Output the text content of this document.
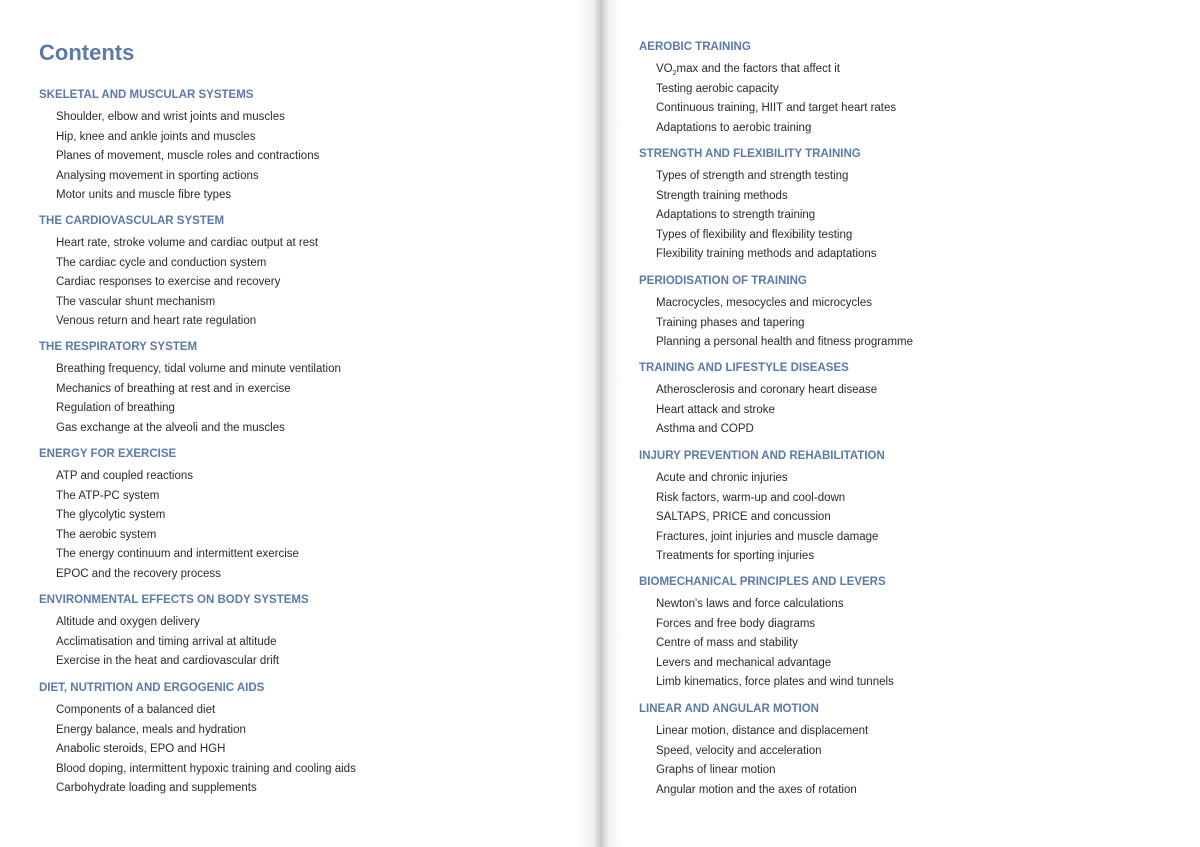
Contents
SKELETAL AND MUSCULAR SYSTEMS
Shoulder, elbow and wrist joints and muscles
Hip, knee and ankle joints and muscles
Planes of movement, muscle roles and contractions
Analysing movement in sporting actions
Motor units and muscle fibre types
THE CARDIOVASCULAR SYSTEM
Heart rate, stroke volume and cardiac output at rest
The cardiac cycle and conduction system
Cardiac responses to exercise and recovery
The vascular shunt mechanism
Venous return and heart rate regulation
THE RESPIRATORY SYSTEM
Breathing frequency, tidal volume and minute ventilation
Mechanics of breathing at rest and in exercise
Regulation of breathing
Gas exchange at the alveoli and the muscles
ENERGY FOR EXERCISE
ATP and coupled reactions
The ATP-PC system
The glycolytic system
The aerobic system
The energy continuum and intermittent exercise
EPOC and the recovery process
ENVIRONMENTAL EFFECTS ON BODY SYSTEMS
Altitude and oxygen delivery
Acclimatisation and timing arrival at altitude
Exercise in the heat and cardiovascular drift
DIET, NUTRITION AND ERGOGENIC AIDS
Components of a balanced diet
Energy balance, meals and hydration
Anabolic steroids, EPO and HGH
Blood doping, intermittent hypoxic training and cooling aids
Carbohydrate loading and supplements
AEROBIC TRAINING
$VO_2\max$ and the factors that affect it
Testing aerobic capacity
Continuous training, HIIT and target heart rates
Adaptations to aerobic training
STRENGTH AND FLEXIBILITY TRAINING
Types of strength and strength testing
Strength training methods
Adaptations to strength training
Types of flexibility and flexibility testing
Flexibility training methods and adaptations
PERIODISATION OF TRAINING
Macrocycles, mesocycles and microcycles
Training phases and tapering
Planning a personal health and fitness programme
TRAINING AND LIFESTYLE DISEASES
Atherosclerosis and coronary heart disease
Heart attack and stroke
Asthma and COPD
INJURY PREVENTION AND REHABILITATION
Acute and chronic injuries
Risk factors, warm-up and cool-down
SALTAPS, PRICE and concussion
Fractures, joint injuries and muscle damage
Treatments for sporting injuries
BIOMECHANICAL PRINCIPLES AND LEVERS
Newton's laws and force calculations
Forces and free body diagrams
Centre of mass and stability
Levers and mechanical advantage
Limb kinematics, force plates and wind tunnels
LINEAR AND ANGULAR MOTION
Linear motion, distance and displacement
Speed, velocity and acceleration
Graphs of linear motion
Angular motion and the axes of rotation
